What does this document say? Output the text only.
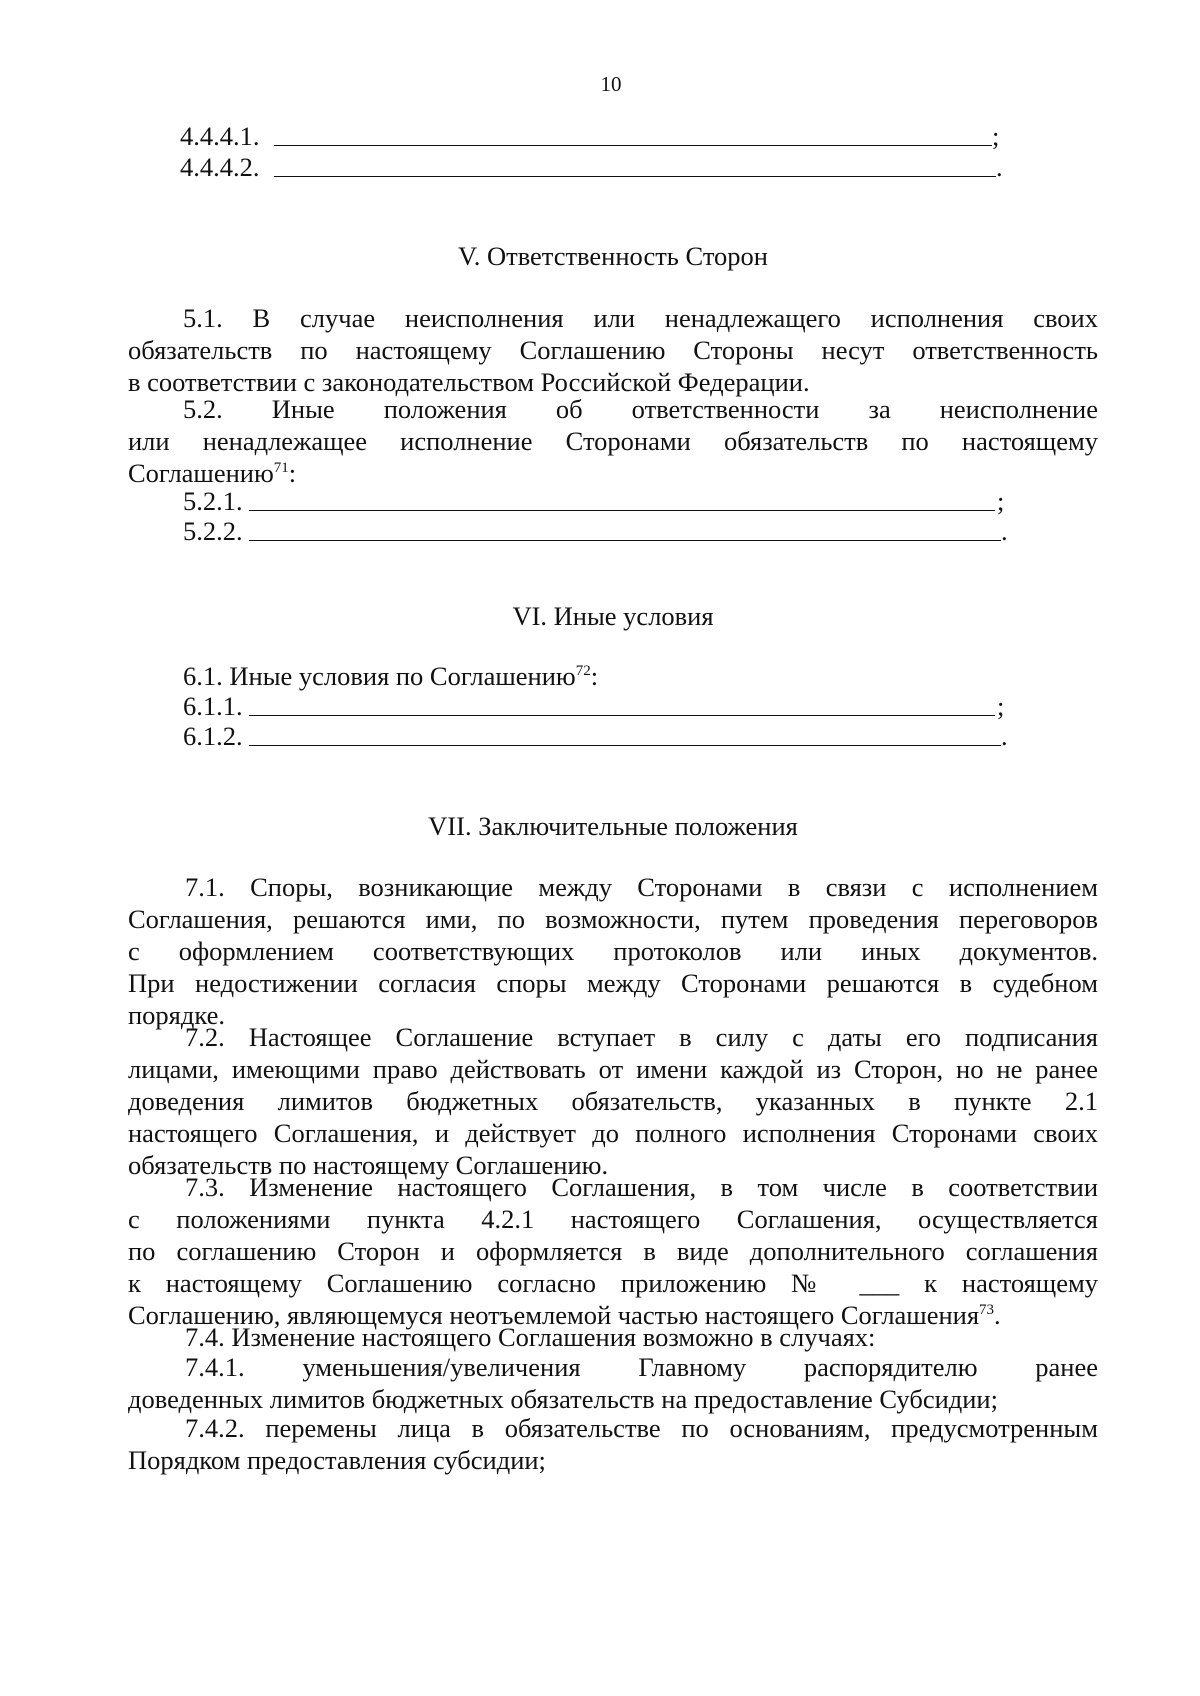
10
4.4.4.1.	;
4.4.4.2.	.
V. Ответственность Сторон
5.1. В случае неисполнения или ненадлежащего исполнения своих
обязательств по настоящему Соглашению Стороны несут ответственность
в соответствии с законодательством Российской Федерации.
5.2. Иные положения об ответственности за неисполнение
или ненадлежащее исполнение Сторонами обязательств по настоящему
Соглашению$^{71}$:
5.2.1.	;
5.2.2.	.
VI. Иные условия
6.1. Иные условия по Соглашению$^{72}$:
6.1.1.	;
6.1.2.	.
VII. Заключительные положения
7.1. Споры, возникающие между Сторонами в связи с исполнением
Соглашения, решаются ими, по возможности, путем проведения переговоров
с оформлением соответствующих протоколов или иных документов.
При недостижении согласия споры между Сторонами решаются в судебном
порядке.
7.2. Настоящее Соглашение вступает в силу с даты его подписания
лицами, имеющими право действовать от имени каждой из Сторон, но не ранее
доведения лимитов бюджетных обязательств, указанных в пункте 2.1
настоящего Соглашения, и действует до полного исполнения Сторонами своих
обязательств по настоящему Соглашению.
7.3. Изменение настоящего Соглашения, в том числе в соответствии
с положениями пункта 4.2.1 настоящего Соглашения, осуществляется
по соглашению Сторон и оформляется в виде дополнительного соглашения
к настоящему Соглашению согласно приложению № ___ к настоящему
Соглашению, являющемуся неотъемлемой частью настоящего Соглашения$^{73}$.
7.4. Изменение настоящего Соглашения возможно в случаях:
7.4.1. уменьшения/увеличения Главному распорядителю ранее
доведенных лимитов бюджетных обязательств на предоставление Субсидии;
7.4.2. перемены лица в обязательстве по основаниям, предусмотренным
Порядком предоставления субсидии;
